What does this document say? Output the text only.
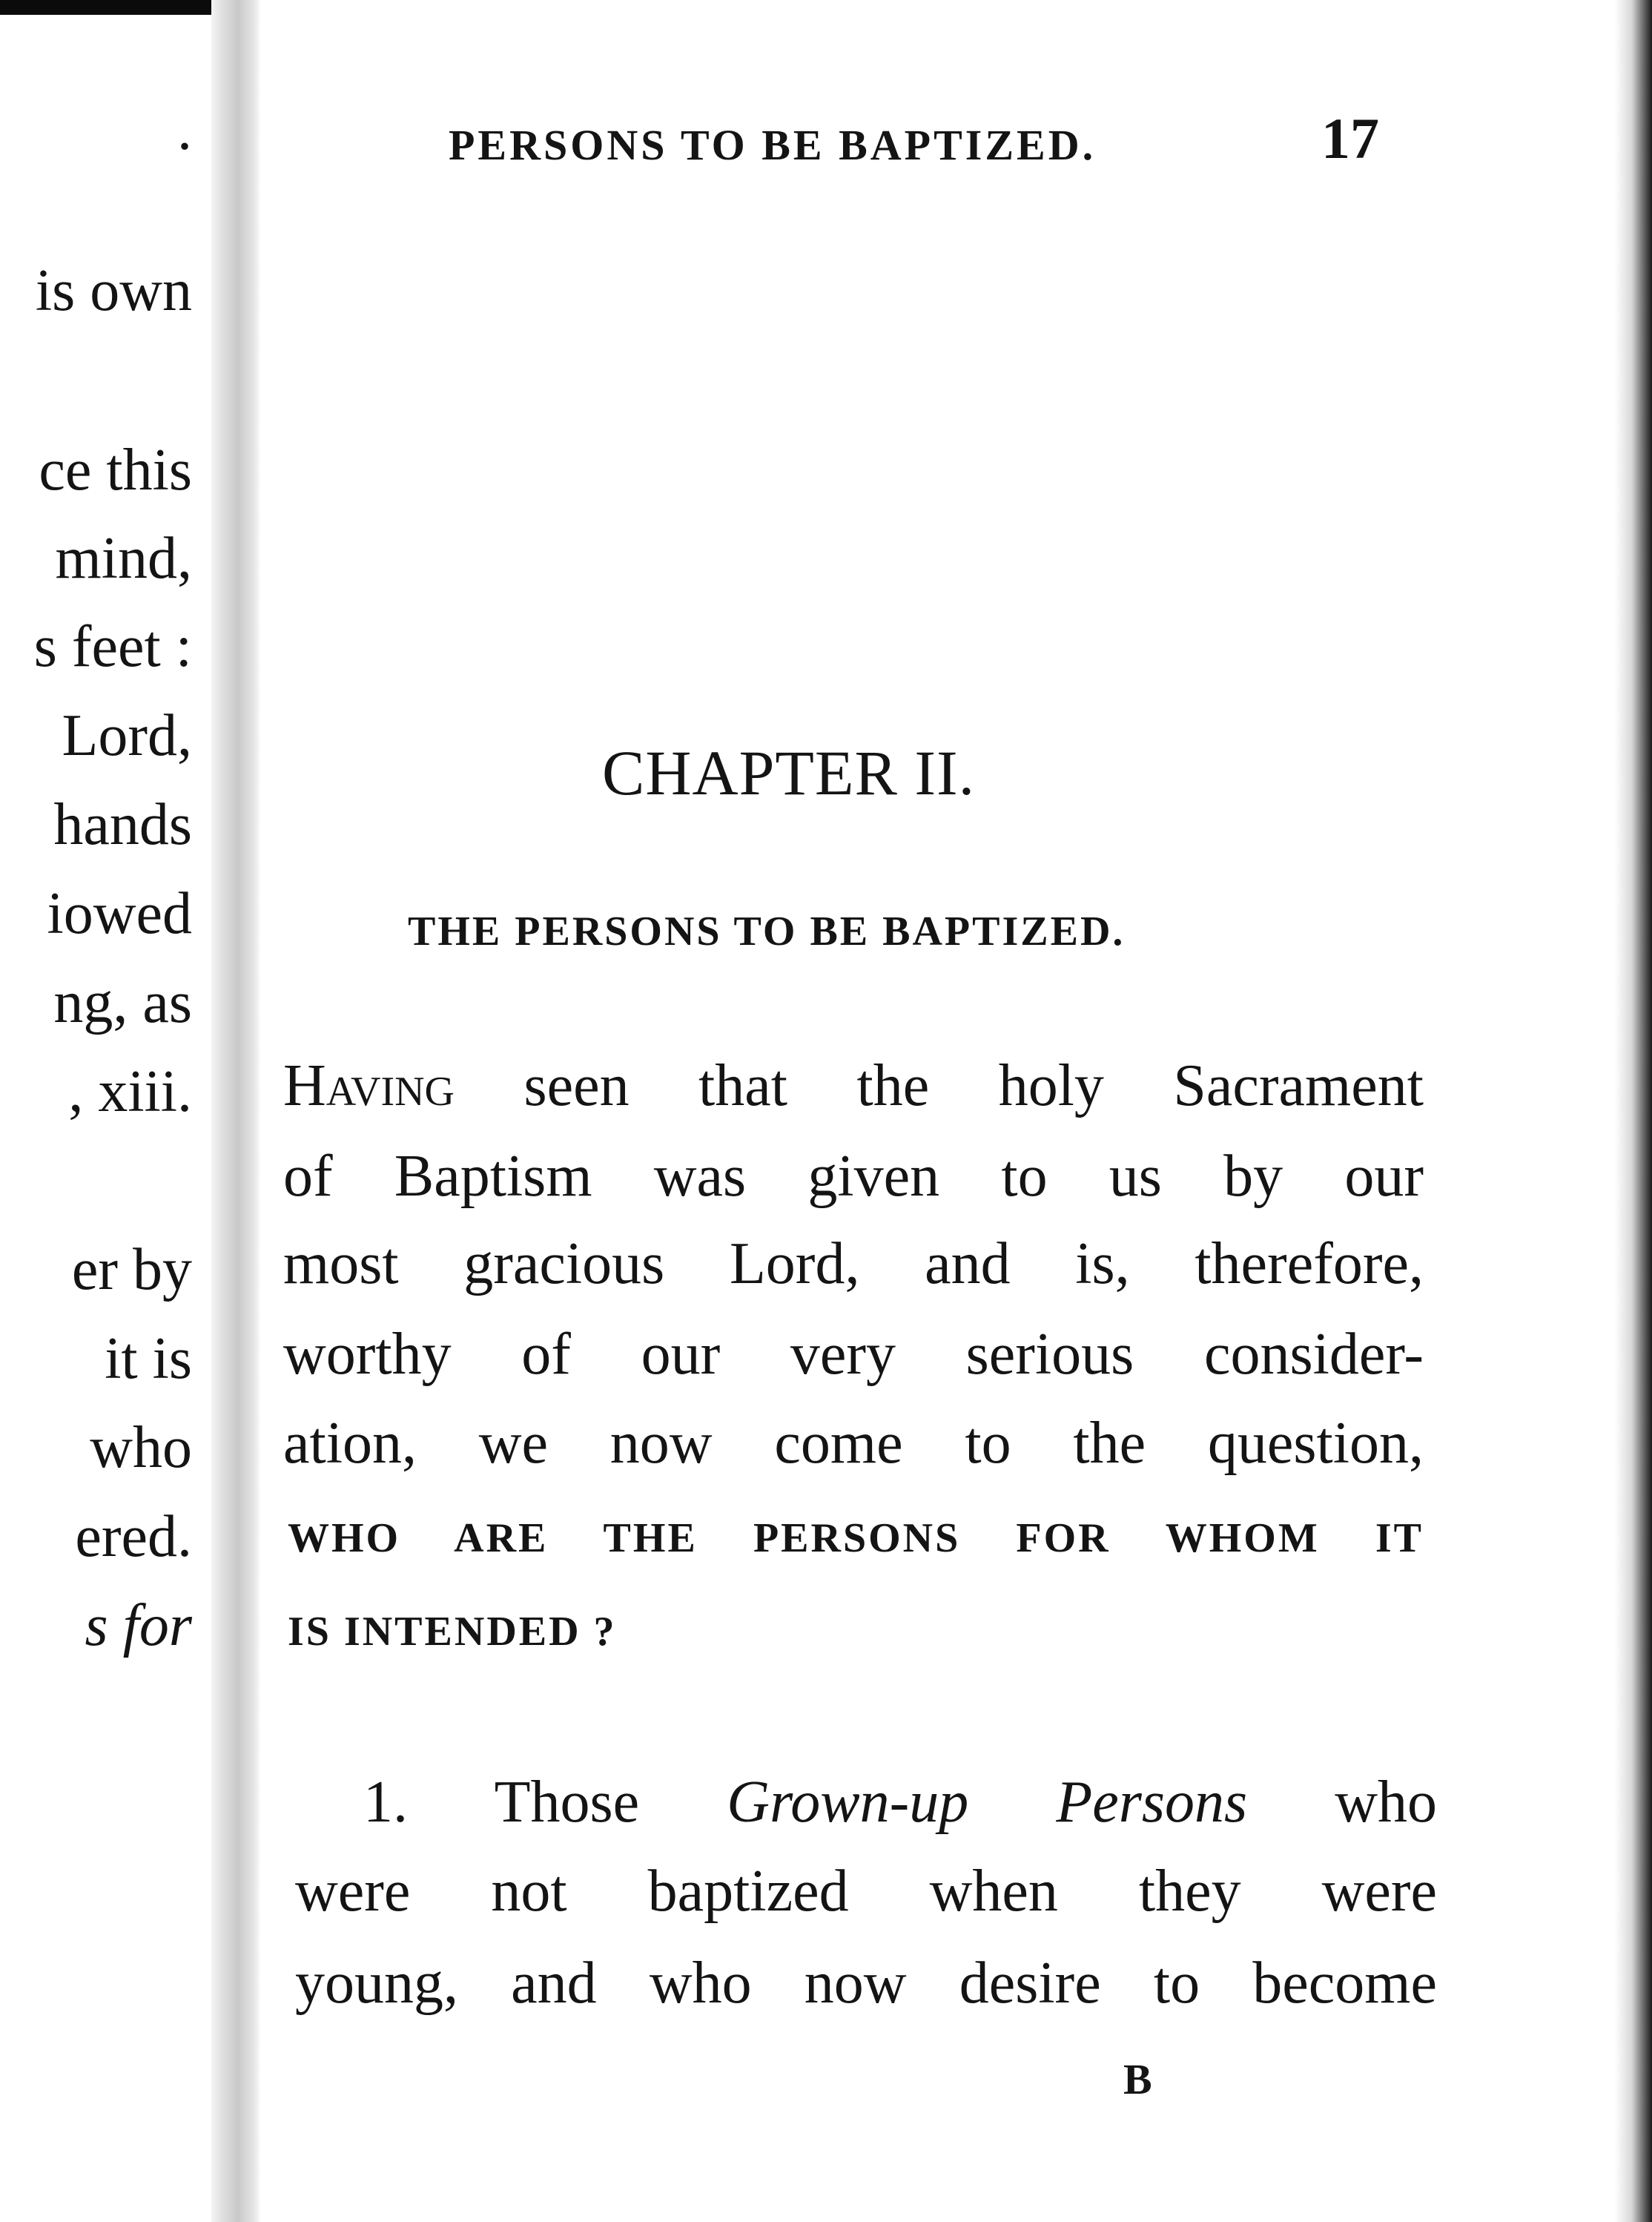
.
is own
ce this
mind,
s feet :
Lord,
hands
iowed
ng, as
, xiii.
er by
it is
who
ered.
s for
PERSONS TO BE BAPTIZED.	17
CHAPTER II.
THE PERSONS TO BE BAPTIZED.
Having seen that the holy Sacrament
of Baptism was given to us by our
most gracious Lord, and is, therefore,
worthy of our very serious consider-
ation, we now come to the question,
WHO ARE THE PERSONS FOR WHOM IT
IS INTENDED ?
1. Those Grown-up Persons who
were not baptized when they were
young, and who now desire to become
B
